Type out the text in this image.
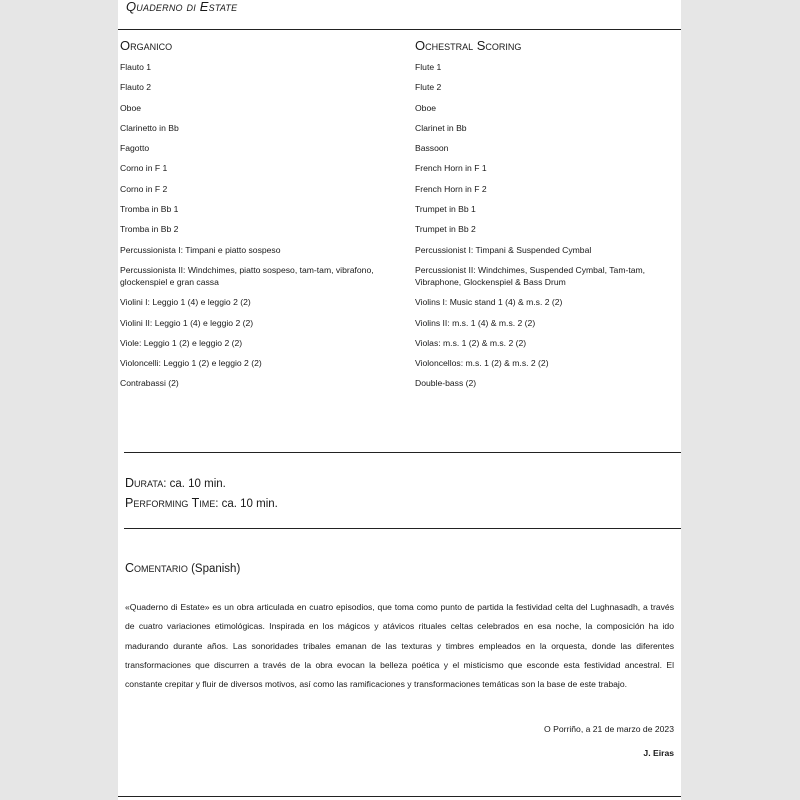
Quaderno di Estate
Organico
Flauto 1
Flauto 2
Oboe
Clarinetto in Bb
Fagotto
Corno in F 1
Corno in F 2
Tromba in Bb 1
Tromba in Bb 2
Percussionista I: Timpani e piatto sospeso
Percussionista II: Windchimes, piatto sospeso, tam-tam, vibrafono, glockenspiel e gran cassa
Violini I: Leggio 1 (4) e leggio 2 (2)
Violini II: Leggio 1 (4) e leggio 2 (2)
Viole: Leggio 1 (2) e leggio 2 (2)
Violoncelli: Leggio 1 (2) e leggio 2 (2)
Contrabassi (2)
Ochestral Scoring
Flute 1
Flute 2
Oboe
Clarinet in Bb
Bassoon
French Horn in F 1
French Horn in F 2
Trumpet in Bb 1
Trumpet in Bb 2
Percussionist I: Timpani & Suspended Cymbal
Percussionist II: Windchimes, Suspended Cymbal, Tam-tam, Vibraphone, Glockenspiel & Bass Drum
Violins I: Music stand 1 (4) & m.s. 2 (2)
Violins II: m.s. 1 (4) & m.s. 2 (2)
Violas: m.s. 1 (2) & m.s. 2 (2)
Violoncellos: m.s. 1 (2) & m.s. 2 (2)
Double-bass (2)
Durata: ca. 10 min.
Performing Time: ca. 10 min.
Comentario (Spanish)
«Quaderno di Estate» es un obra articulada en cuatro episodios, que toma como punto de partida la festividad celta del Lughnasadh, a través de cuatro variaciones etimológicas. Inspirada en los mágicos y atávicos rituales celtas celebrados en esa noche, la composición ha ido madurando durante años. Las sonoridades tribales emanan de las texturas y timbres empleados en la orquesta, donde las diferentes transformaciones que discurren a través de la obra evocan la belleza poética y el misticismo que esconde esta festividad ancestral. El constante crepitar y fluir de diversos motivos, así como las ramificaciones y transformaciones temáticas son la base de este trabajo.
O Porriño, a 21 de marzo de 2023
J. Eiras
